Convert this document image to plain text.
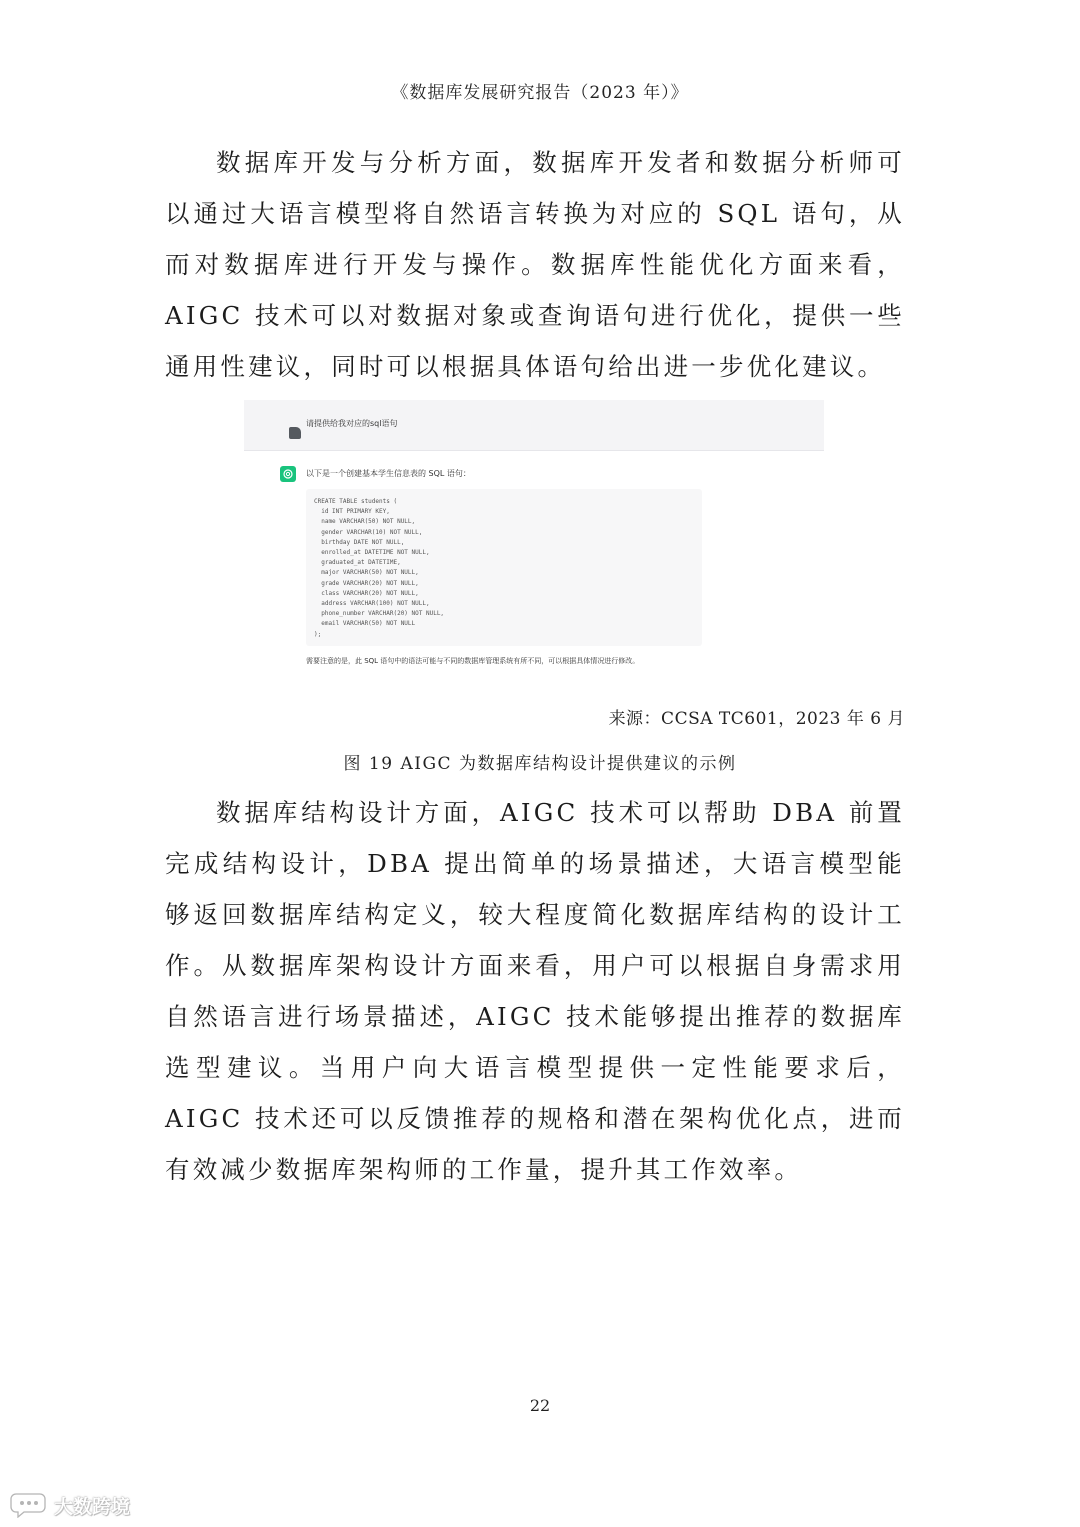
《数据库发展研究报告（2023 年）》

数据库开发与分析方面，数据库开发者和数据分析师可以通过大语言模型将自然语言转换为对应的 SQL 语句，从而对数据库进行开发与操作。数据库性能优化方面来看，AIGC 技术可以对数据对象或查询语句进行优化，提供一些通用性建议，同时可以根据具体语句给出进一步优化建议。

请提供给我对应的sql语句
以下是一个创建基本学生信息表的 SQL 语句：
CREATE TABLE students (
id INT PRIMARY KEY,
name VARCHAR(50) NOT NULL,
gender VARCHAR(10) NOT NULL,
birthday DATE NOT NULL,
enrolled_at DATETIME NOT NULL,
graduated_at DATETIME,
major VARCHAR(50) NOT NULL,
grade VARCHAR(20) NOT NULL,
class VARCHAR(20) NOT NULL,
address VARCHAR(100) NOT NULL,
phone_number VARCHAR(20) NOT NULL,
email VARCHAR(50) NOT NULL
);
需要注意的是，此 SQL 语句中的语法可能与不同的数据库管理系统有所不同，可以根据具体情况进行修改。
来源：CCSA TC601，2023 年 6 月
图 19 AIGC 为数据库结构设计提供建议的示例

数据库结构设计方面，AIGC 技术可以帮助 DBA 前置完成结构设计，DBA 提出简单的场景描述，大语言模型能够返回数据库结构定义，较大程度简化数据库结构的设计工作。从数据库架构设计方面来看，用户可以根据自身需求用自然语言进行场景描述，AIGC 技术能够提出推荐的数据库选型建议。当用户向大语言模型提供一定性能要求后，AIGC 技术还可以反馈推荐的规格和潜在架构优化点，进而有效减少数据库架构师的工作量，提升其工作效率。

22
大数跨境
